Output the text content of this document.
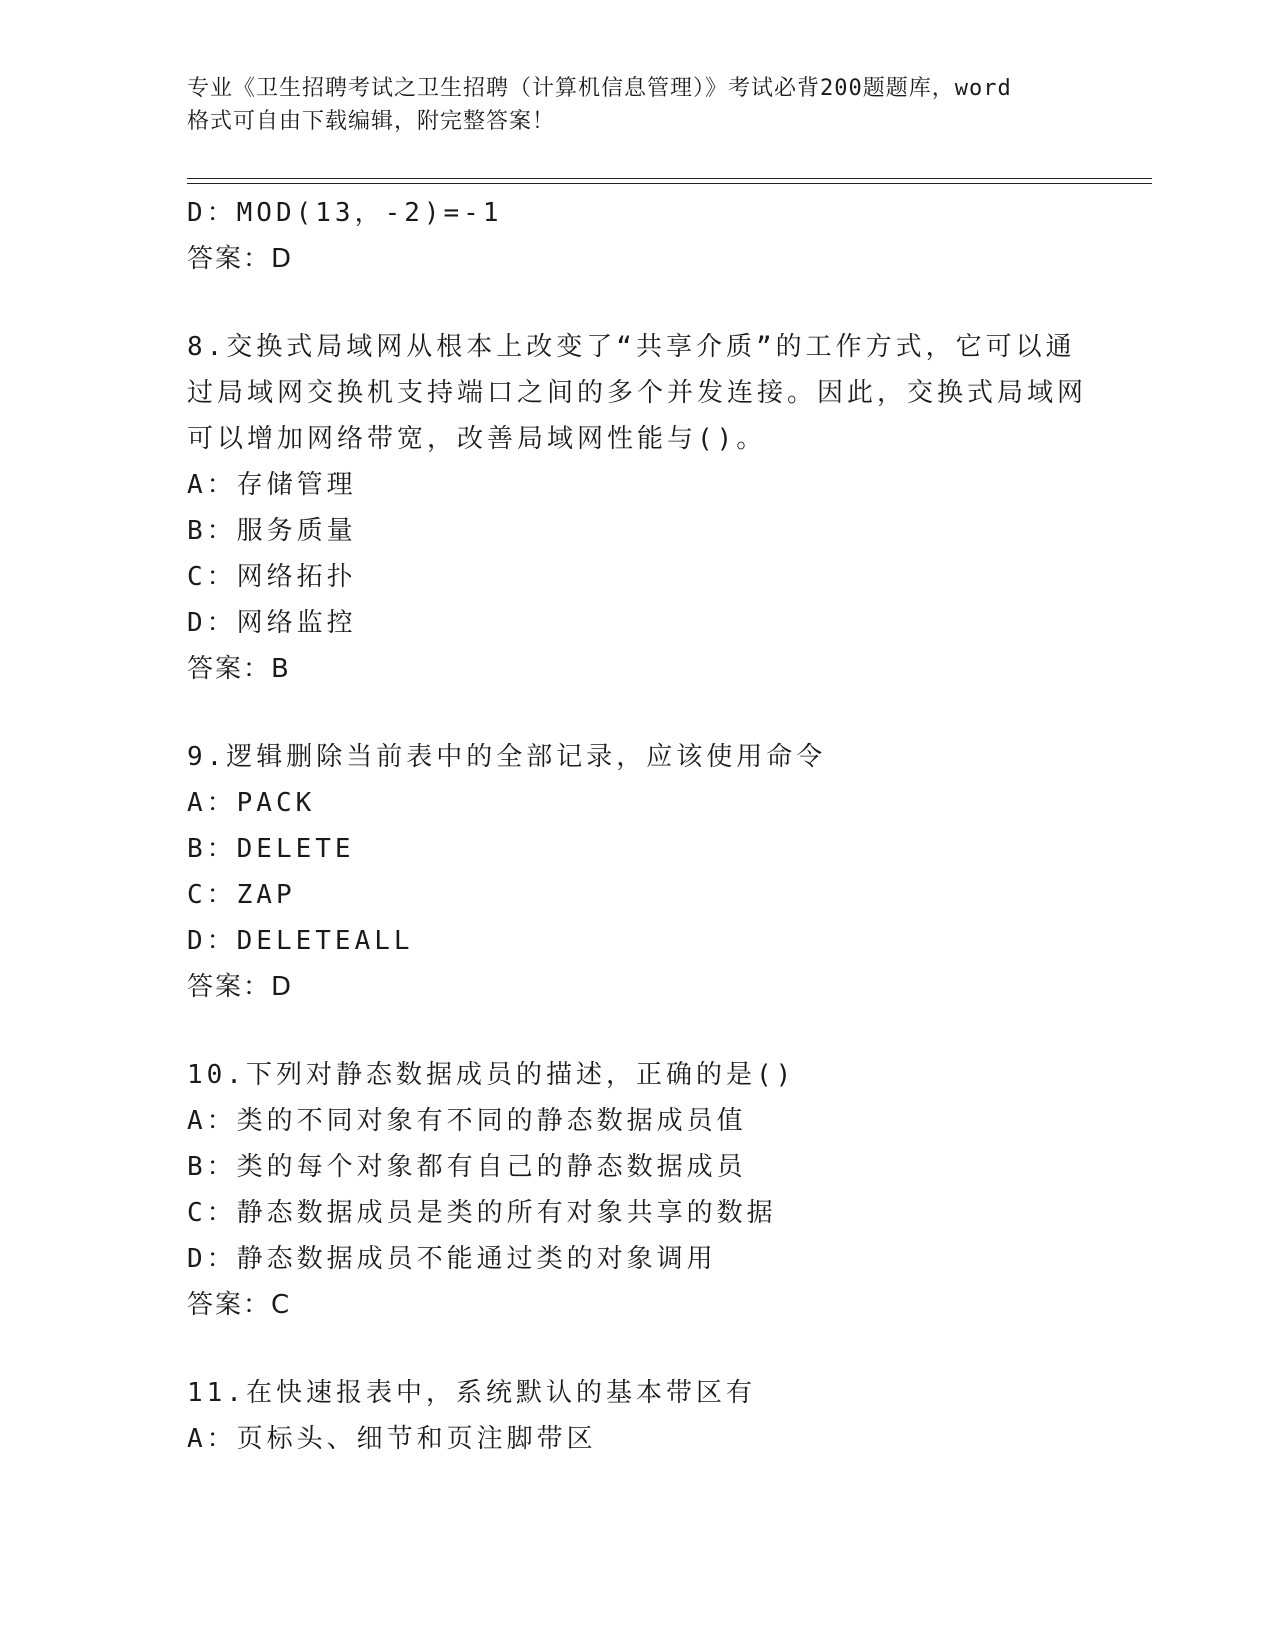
专业《卫生招聘考试之卫生招聘（计算机信息管理）》考试必背200题题库，word
格式可自由下载编辑，附完整答案！
D：MOD(13，-2)=-1
答案：D
8.交换式局域网从根本上改变了“共享介质”的工作方式，它可以通
过局域网交换机支持端口之间的多个并发连接。因此，交换式局域网
可以增加网络带宽，改善局域网性能与()。
A：存储管理
B：服务质量
C：网络拓扑
D：网络监控
答案：B
9.逻辑删除当前表中的全部记录，应该使用命令
A：PACK
B：DELETE
C：ZAP
D：DELETEALL
答案：D
10.下列对静态数据成员的描述，正确的是()
A：类的不同对象有不同的静态数据成员值
B：类的每个对象都有自己的静态数据成员
C：静态数据成员是类的所有对象共享的数据
D：静态数据成员不能通过类的对象调用
答案：C
11.在快速报表中，系统默认的基本带区有
A：页标头、细节和页注脚带区
